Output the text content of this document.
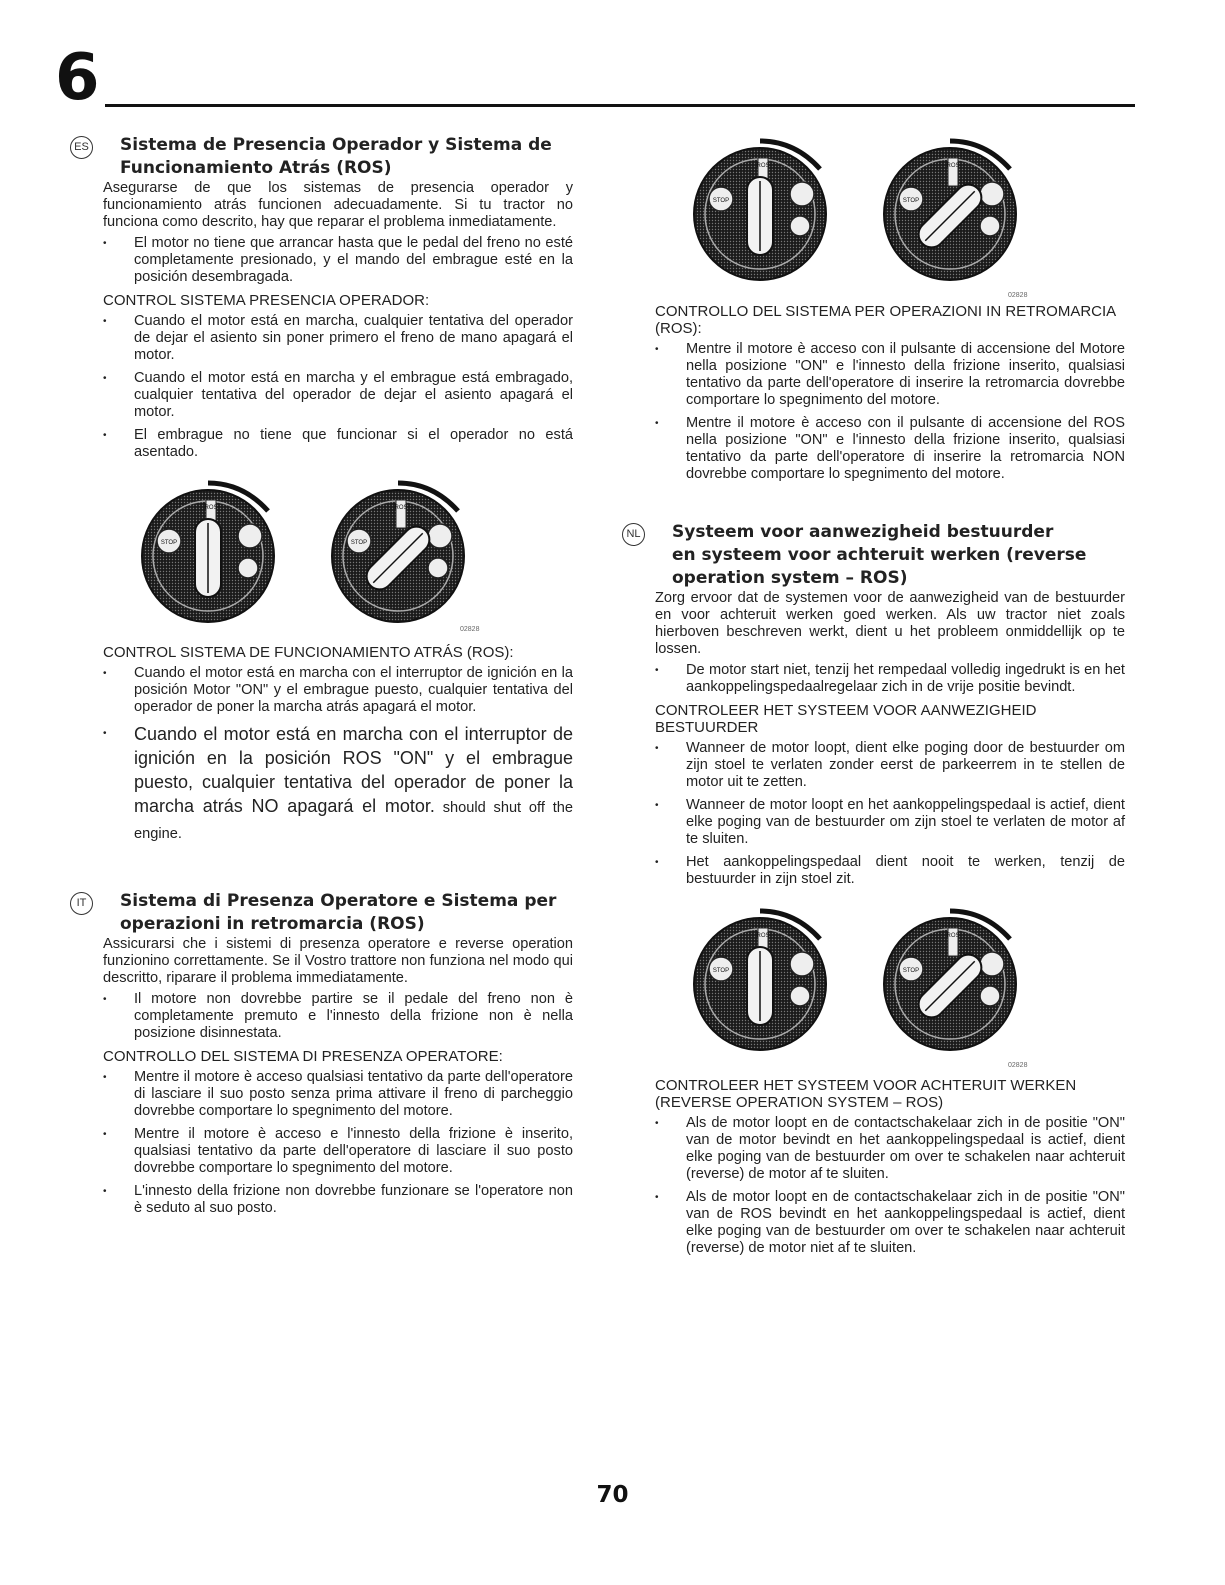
6
ES	Sistema de Presencia Operador y Sistema de
Funcionamiento Atrás (ROS)

Asegurarse de que los sistemas de presencia operador y funcionamiento atrás funcionen adecuadamente. Si tu tractor no funciona como descrito, hay que reparar el problema inmediatamente.

• El motor no tiene que arrancar hasta que le pedal del freno no esté completamente presionado, y el mando del embrague esté en la posición desembragada.
CONTROL SISTEMA PRESENCIA OPERADOR:
• Cuando el motor está en marcha, cualquier tentativa del operador de dejar el asiento sin poner primero el freno de mano apagará el motor.
• Cuando el motor está en marcha y el embrague está embragado, cualquier tentativa del operador de dejar el asiento apagará el motor.
• El embrague no tiene que funcionar si el operador no está asentado.
STOP
ROS
STOP
ROS
02828
CONTROL SISTEMA DE FUNCIONAMIENTO ATRÁS (ROS):
• Cuando el motor está en marcha con el interruptor de ignición en la posición Motor "ON" y el embrague puesto, cualquier tentativa del operador de poner la marcha atrás apagará el motor.
• Cuando el motor está en marcha con el interruptor de ignición en la posición ROS "ON" y el embrague puesto, cualquier tentativa del operador de poner la marcha atrás NO apagará el motor. should shut off the engine.
IT	Sistema di Presenza Operatore e Sistema per
operazioni in retromarcia (ROS)

Assicurarsi che i sistemi di presenza operatore e reverse operation funzionino correttamente. Se il Vostro trattore non funziona nel modo qui descritto, riparare il problema immediatamente.

• Il motore non dovrebbe partire se il pedale del freno non è completamente premuto e l'innesto della frizione non è nella posizione disinnestata.
CONTROLLO DEL SISTEMA DI PRESENZA OPERATORE:
• Mentre il motore è acceso qualsiasi tentativo da parte dell'operatore di lasciare il suo posto senza prima attivare il freno di parcheggio dovrebbe comportare lo spegnimento del motore.
• Mentre il motore è acceso e l'innesto della frizione è inserito, qualsiasi tentativo da parte dell'operatore di lasciare il suo posto dovrebbe comportare lo spegnimento del motore.
• L'innesto della frizione non dovrebbe funzionare se l'operatore non è seduto al suo posto.
STOP
ROS
STOP
ROS
02828
CONTROLLO DEL SISTEMA PER OPERAZIONI IN RETROMARCIA (ROS):
• Mentre il motore è acceso con il pulsante di accensione del Motore nella posizione "ON" e l'innesto della frizione inserito, qualsiasi tentativo da parte dell'operatore di inserire la retromarcia dovrebbe comportare lo spegnimento del motore.
• Mentre il motore è acceso con il pulsante di accensione del ROS nella posizione "ON" e l'innesto della frizione inserito, qualsiasi tentativo da parte dell'operatore di inserire la retromarcia NON dovrebbe comportare lo spegnimento del motore.
NL	Systeem voor aanwezigheid bestuurder
en systeem voor achteruit werken (reverse
operation system – ROS)

Zorg ervoor dat de systemen voor de aanwezigheid van de bestuurder en voor achteruit werken goed werken. Als uw tractor niet zoals hierboven beschreven werkt, dient u het probleem onmiddellijk op te lossen.

• De motor start niet, tenzij het rempedaal volledig ingedrukt is en het aankoppelingspedaalregelaar zich in de vrije positie bevindt.
CONTROLEER HET SYSTEEM VOOR AANWEZIGHEID BESTUURDER
• Wanneer de motor loopt, dient elke poging door de bestuurder om zijn stoel te verlaten zonder eerst de parkeerrem in te stellen de motor uit te zetten.
• Wanneer de motor loopt en het aankoppelingspedaal is actief, dient elke poging van de bestuurder om zijn stoel te verlaten de motor af te sluiten.
• Het aankoppelingspedaal dient nooit te werken, tenzij de bestuurder in zijn stoel zit.
STOP
ROS
STOP
ROS
02828
CONTROLEER HET SYSTEEM VOOR ACHTERUIT WERKEN (REVERSE OPERATION SYSTEM – ROS)
• Als de motor loopt en de contactschakelaar zich in de positie "ON" van de motor bevindt en het aankoppelingspedaal is actief, dient elke poging van de bestuurder om over te schakelen naar achteruit (reverse) de motor af te sluiten.
• Als de motor loopt en de contactschakelaar zich in de positie "ON" van de ROS bevindt en het aankoppelingspedaal is actief, dient elke poging van de bestuurder om over te schakelen naar achteruit (reverse) de motor niet af te sluiten.
70
